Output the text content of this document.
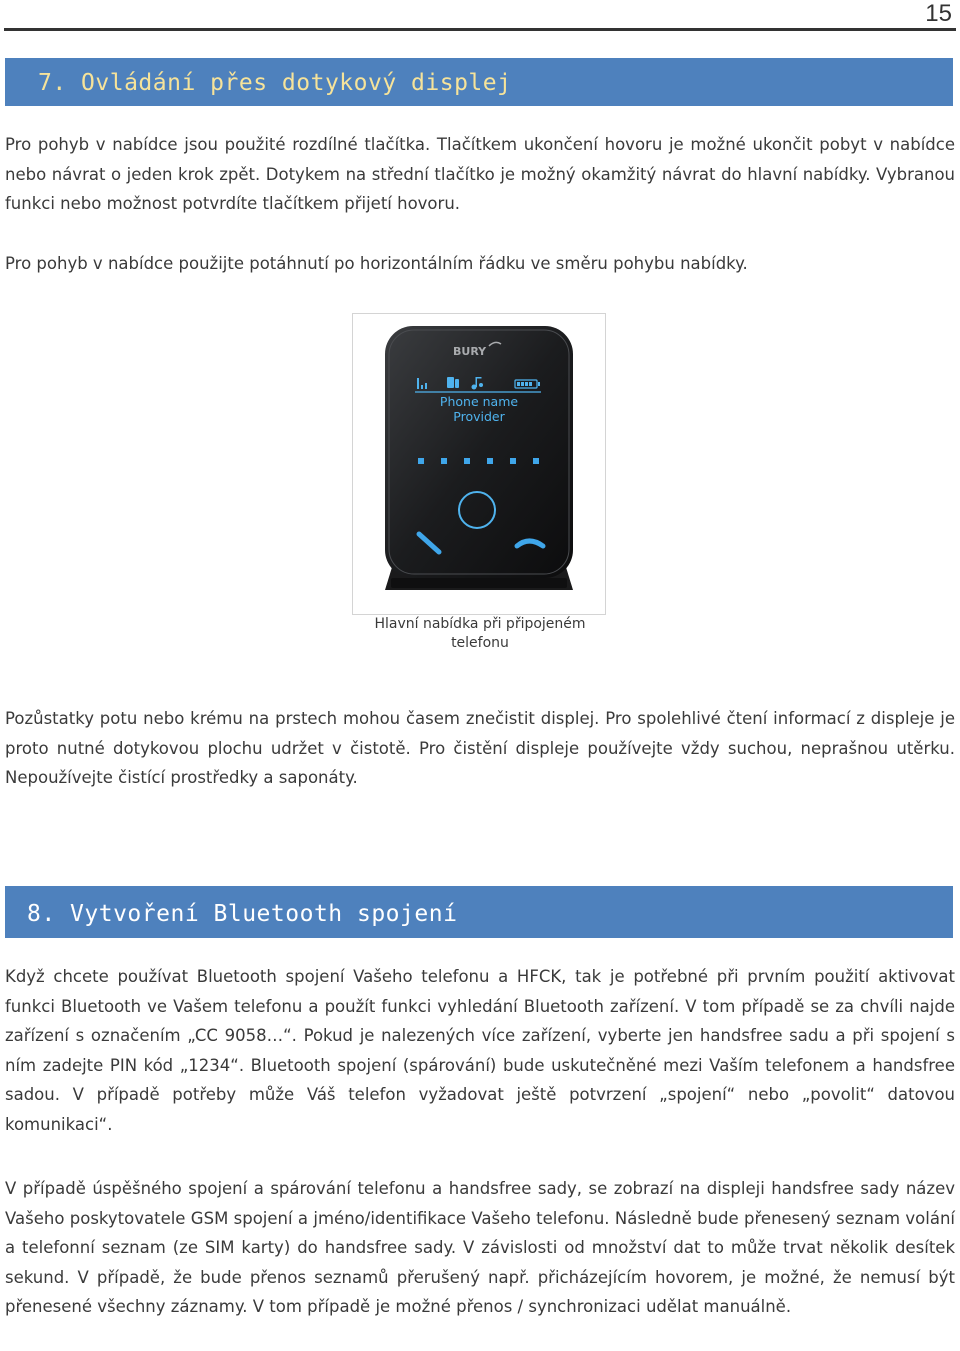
15
7. Ovládání přes dotykový displej

Pro pohyb v nabídce jsou použité rozdílné tlačítka. Tlačítkem ukončení hovoru je možné ukončit pobyt v nabídce nebo návrat o jeden krok zpět. Dotykem na střední tlačítko je možný okamžitý návrat do hlavní nabídky. Vybranou funkci nebo možnost potvrdíte tlačítkem přijetí hovoru.

Pro pohyb v nabídce použijte potáhnutí po horizontálním řádku ve směru pohybu nabídky.

BURY
Phone name
Provider
Hlavní nabídka při připojeném
telefonu

Pozůstatky potu nebo krému na prstech mohou časem znečistit displej. Pro spolehlivé čtení informací z displeje je proto nutné dotykovou plochu udržet v čistotě. Pro čistění displeje používejte vždy suchou, neprašnou utěrku. Nepoužívejte čistící prostředky a saponáty.

8. Vytvoření Bluetooth spojení

Když chcete používat Bluetooth spojení Vašeho telefonu a HFCK, tak je potřebné při prvním použití aktivovat funkci Bluetooth ve Vašem telefonu a použít funkci vyhledání Bluetooth zařízení. V tom případě se za chvíli najde zařízení s označením „CC 9058…“. Pokud je nalezených více zařízení, vyberte jen handsfree sadu a při spojení s ním zadejte PIN kód „1234“. Bluetooth spojení (spárování) bude uskutečněné mezi Vaším telefonem a handsfree sadou. V případě potřeby může Váš telefon vyžadovat ještě potvrzení „spojení“ nebo „povolit“ datovou komunikaci“.

V případě úspěšného spojení a spárování telefonu a handsfree sady, se zobrazí na displeji handsfree sady název Vašeho poskytovatele GSM spojení a jméno/identifikace Vašeho telefonu. Následně bude přenesený seznam volání a telefonní seznam (ze SIM karty) do handsfree sady. V závislosti od množství dat to může trvat několik desítek sekund. V případě, že bude přenos seznamů přerušený např. přicházejícím hovorem, je možné, že nemusí být přenesené všechny záznamy. V tom případě je možné přenos / synchronizaci udělat manuálně.
